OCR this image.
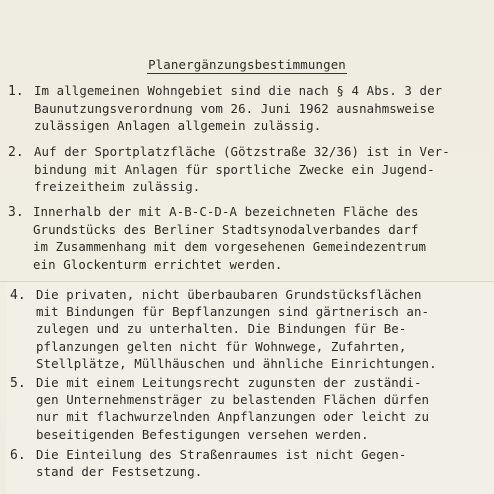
Planergänzungsbestimmungen
1. Im allgemeinen Wohngebiet sind die nach § 4 Abs. 3 der
Baunutzungsverordnung vom 26. Juni 1962 ausnahmsweise
zulässigen Anlagen allgemein zulässig.
2. Auf der Sportplatzfläche (Götzstraße 32/36) ist in Ver-
bindung mit Anlagen für sportliche Zwecke ein Jugend-
freizeitheim zulässig.
3. Innerhalb der mit A-B-C-D-A bezeichneten Fläche des
Grundstücks des Berliner Stadtsynodalverbandes darf
im Zusammenhang mit dem vorgesehenen Gemeindezentrum
ein Glockenturm errichtet werden.
4. Die privaten, nicht überbaubaren Grundstücksflächen
mit Bindungen für Bepflanzungen sind gärtnerisch an-
zulegen und zu unterhalten. Die Bindungen für Be-
pflanzungen gelten nicht für Wohnwege, Zufahrten,
Stellplätze, Müllhäuschen und ähnliche Einrichtungen.
5. Die mit einem Leitungsrecht zugunsten der zuständi-
gen Unternehmensträger zu belastenden Flächen dürfen
nur mit flachwurzelnden Anpflanzungen oder leicht zu
beseitigenden Befestigungen versehen werden.
6. Die Einteilung des Straßenraumes ist nicht Gegen-
stand der Festsetzung.
